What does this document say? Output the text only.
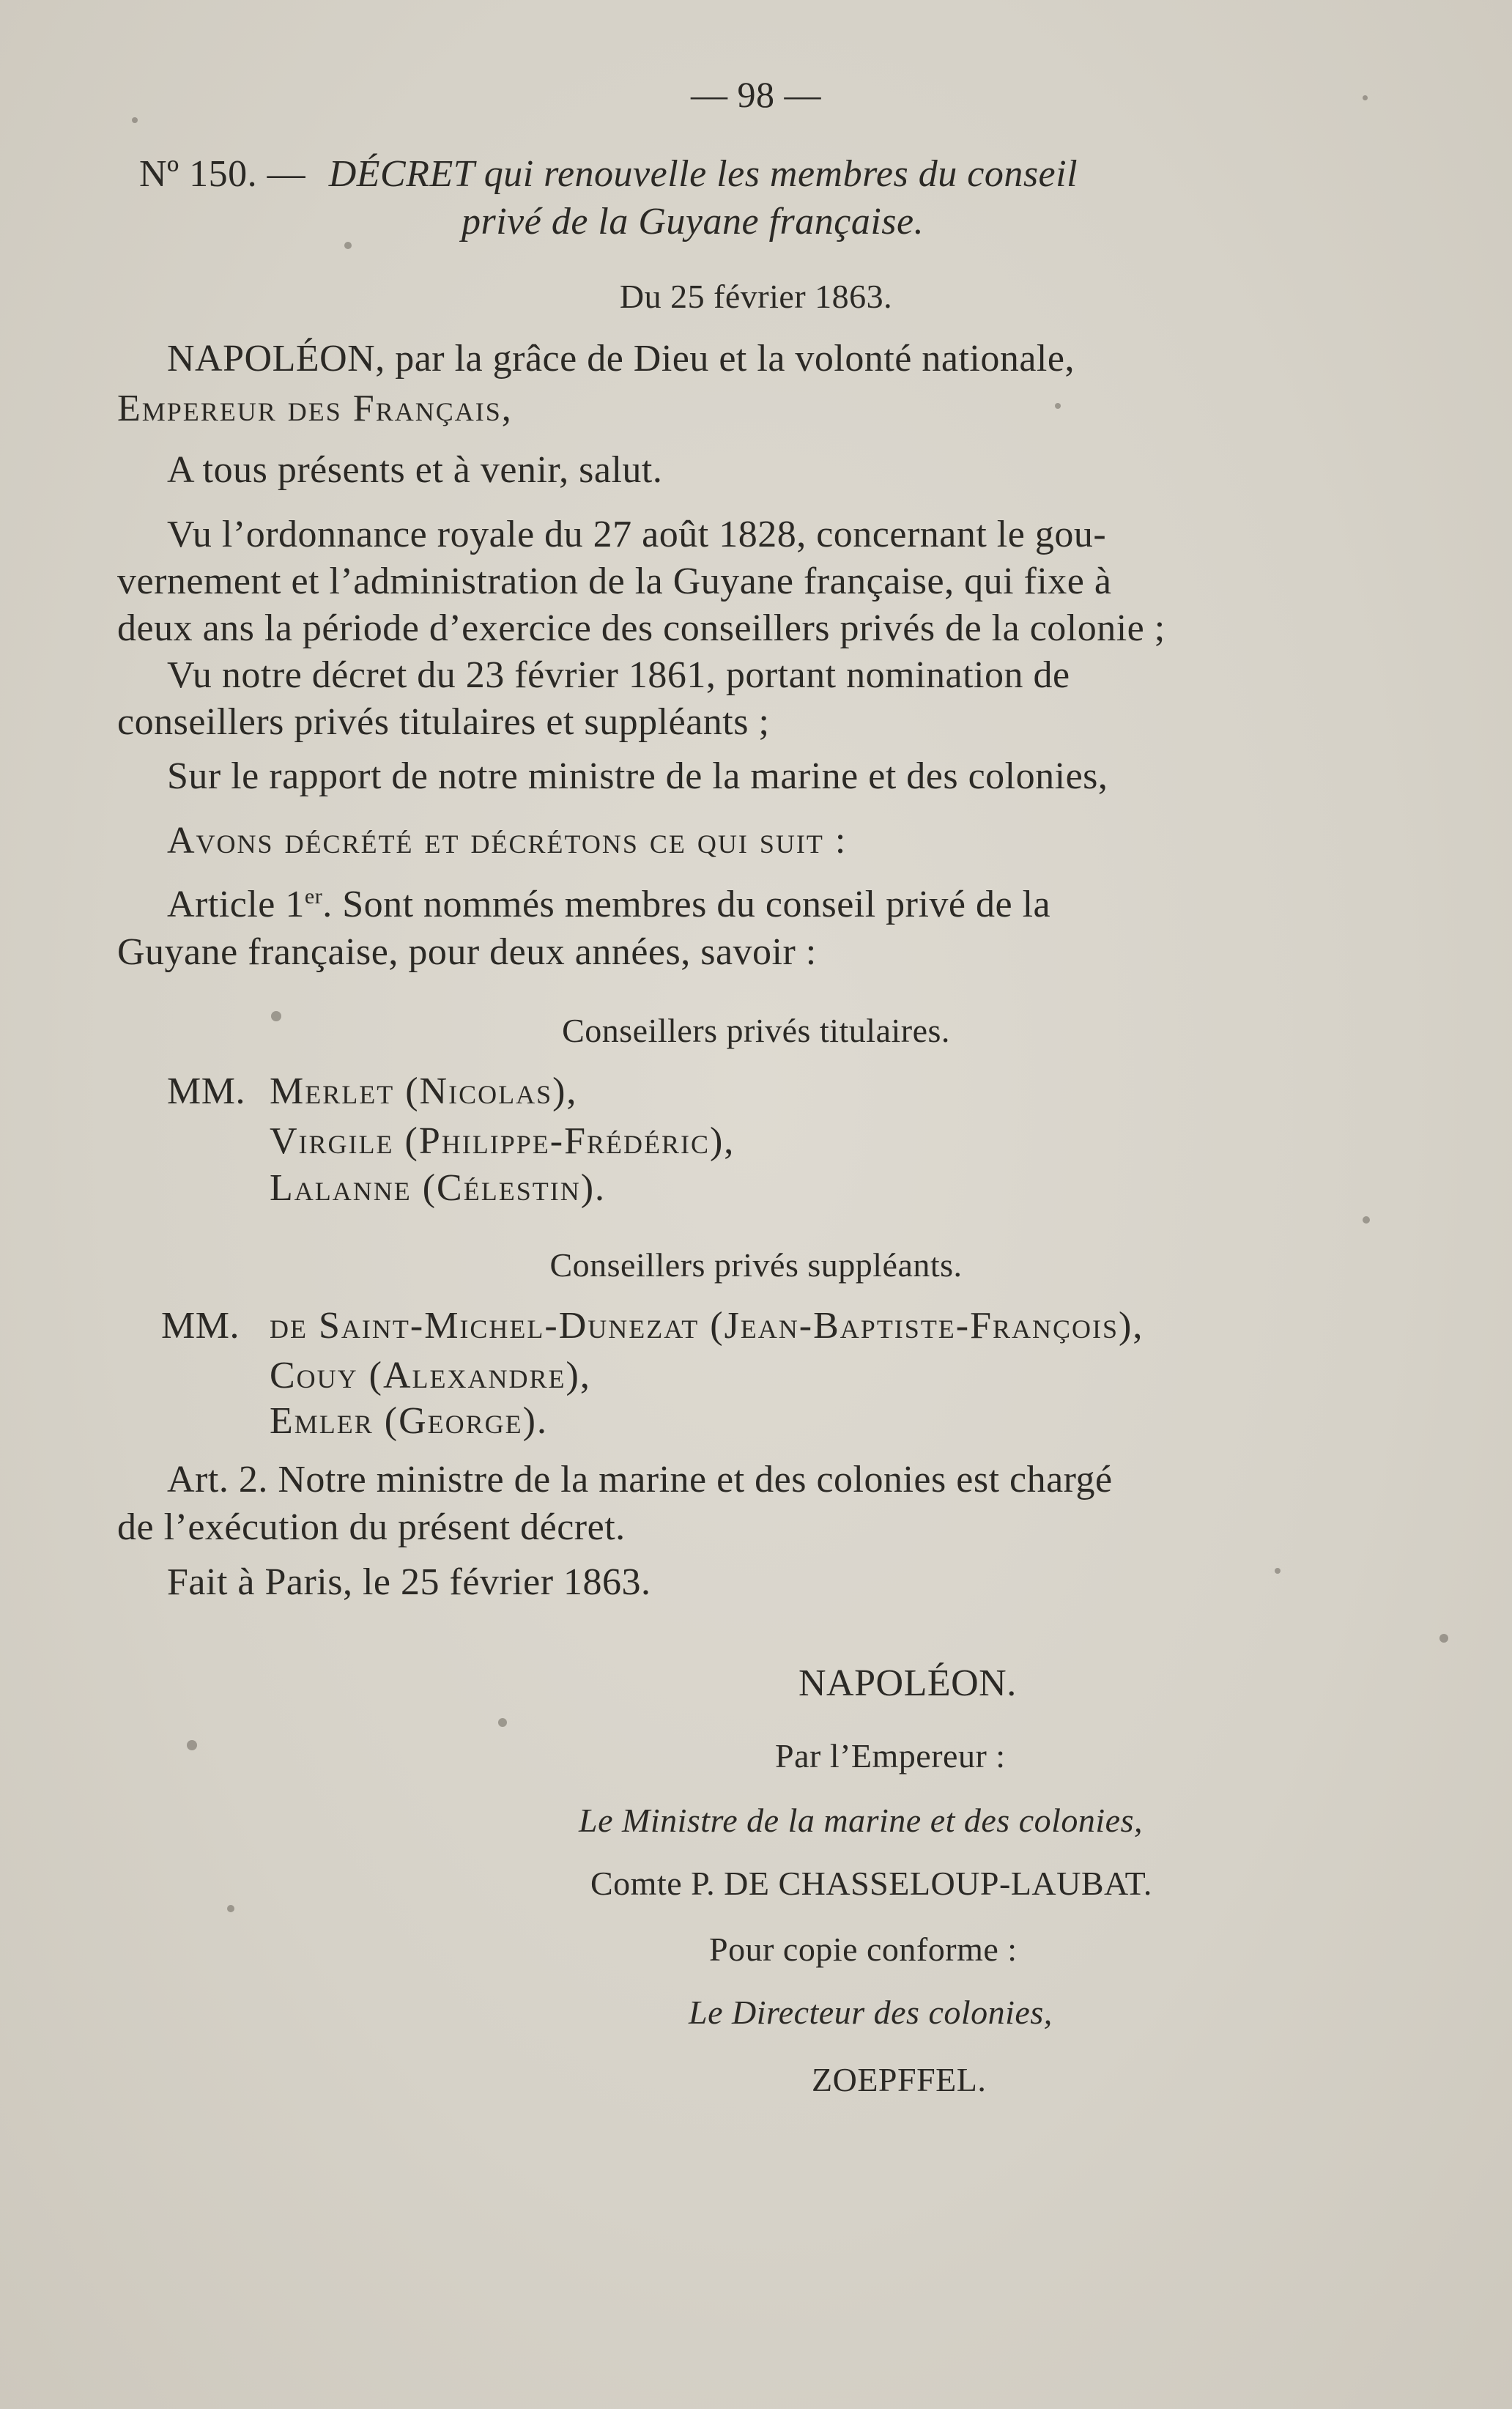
— 98 —
Nº 150. — DÉCRET qui renouvelle les membres du conseil
privé de la Guyane française.
Du 25 février 1863.
NAPOLÉON, par la grâce de Dieu et la volonté nationale,
Empereur des Français,
A tous présents et à venir, salut.
Vu l’ordonnance royale du 27 août 1828, concernant le gou-
vernement et l’administration de la Guyane française, qui fixe à
deux ans la période d’exercice des conseillers privés de la colonie ;
Vu notre décret du 23 février 1861, portant nomination de
conseillers privés titulaires et suppléants ;
Sur le rapport de notre ministre de la marine et des colonies,
Avons décrété et décrétons ce qui suit :
Article 1er. Sont nommés membres du conseil privé de la
Guyane française, pour deux années, savoir :
Conseillers privés titulaires.
MM. Merlet (Nicolas),
Virgile (Philippe-Frédéric),
Lalanne (Célestin).
Conseillers privés suppléants.
MM. de Saint-Michel-Dunezat (Jean-Baptiste-François),
Couy (Alexandre),
Emler (George).
Art. 2. Notre ministre de la marine et des colonies est chargé
de l’exécution du présent décret.
Fait à Paris, le 25 février 1863.
NAPOLÉON.
Par l’Empereur :
Le Ministre de la marine et des colonies,
Comte P. DE CHASSELOUP-LAUBAT.
Pour copie conforme :
Le Directeur des colonies,
ZOEPFFEL.
